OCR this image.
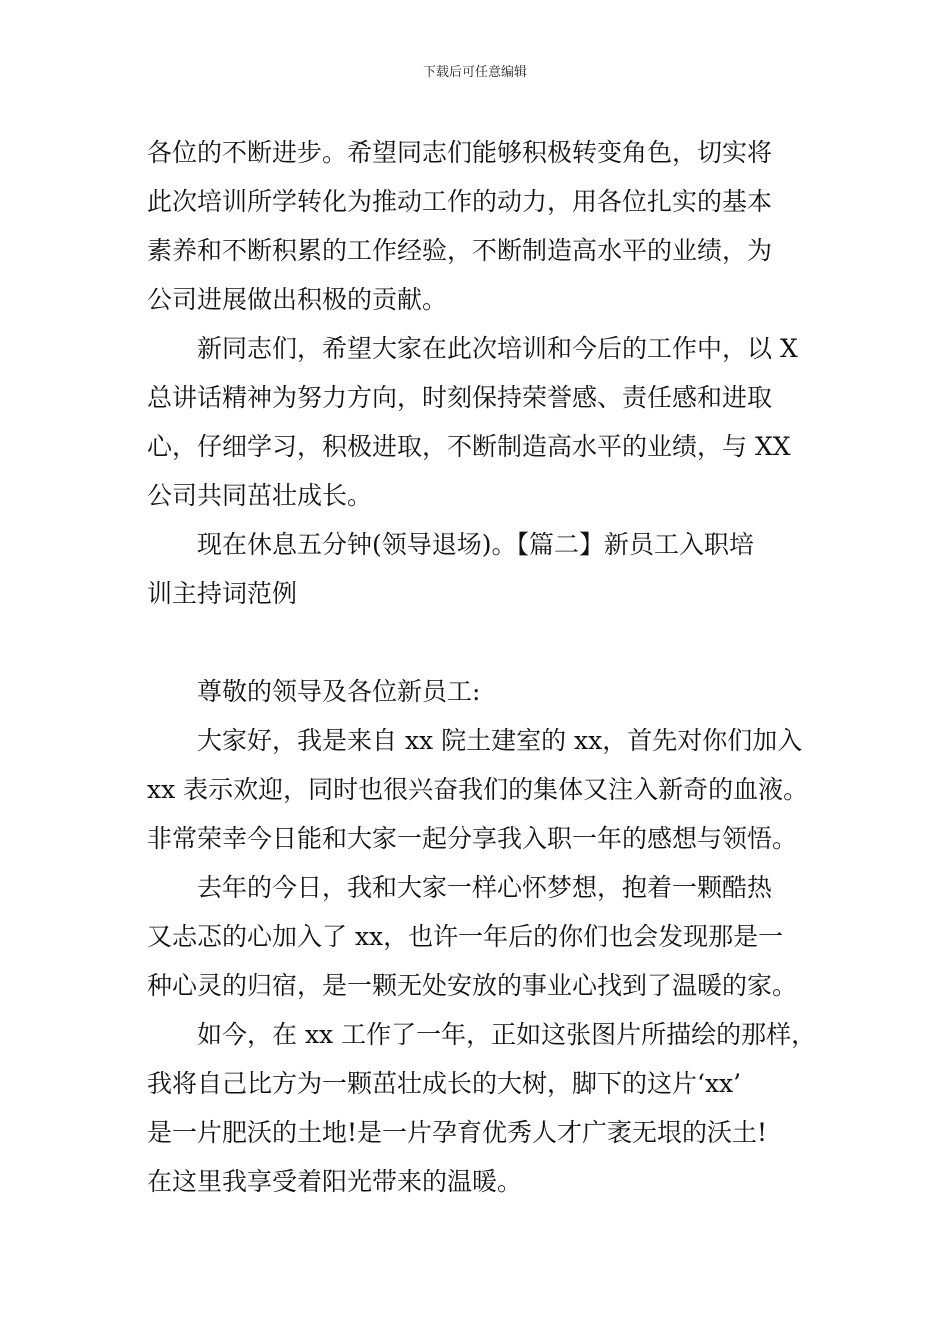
下载后可任意编辑
各位的不断进步。希望同志们能够积极转变角色，切实将
此次培训所学转化为推动工作的动力，用各位扎实的基本
素养和不断积累的工作经验，不断制造高水平的业绩，为
公司进展做出积极的贡献。
新同志们，希望大家在此次培训和今后的工作中，以 X
总讲话精神为努力方向，时刻保持荣誉感、责任感和进取
心，仔细学习，积极进取，不断制造高水平的业绩，与 XX
公司共同茁壮成长。
现在休息五分钟(领导退场)。【篇二】新员工入职培
训主持词范例
尊敬的领导及各位新员工:
大家好，我是来自 xx 院土建室的 xx，首先对你们加入
xx 表示欢迎，同时也很兴奋我们的集体又注入新奇的血液。
非常荣幸今日能和大家一起分享我入职一年的感想与领悟。
去年的今日，我和大家一样心怀梦想，抱着一颗酷热
又忐忑的心加入了 xx，也许一年后的你们也会发现那是一
种心灵的归宿，是一颗无处安放的事业心找到了温暖的家。
如今，在 xx 工作了一年，正如这张图片所描绘的那样，
我将自己比方为一颗茁壮成长的大树，脚下的这片‘xx’
是一片肥沃的土地!是一片孕育优秀人才广袤无垠的沃土!
在这里我享受着阳光带来的温暖。
